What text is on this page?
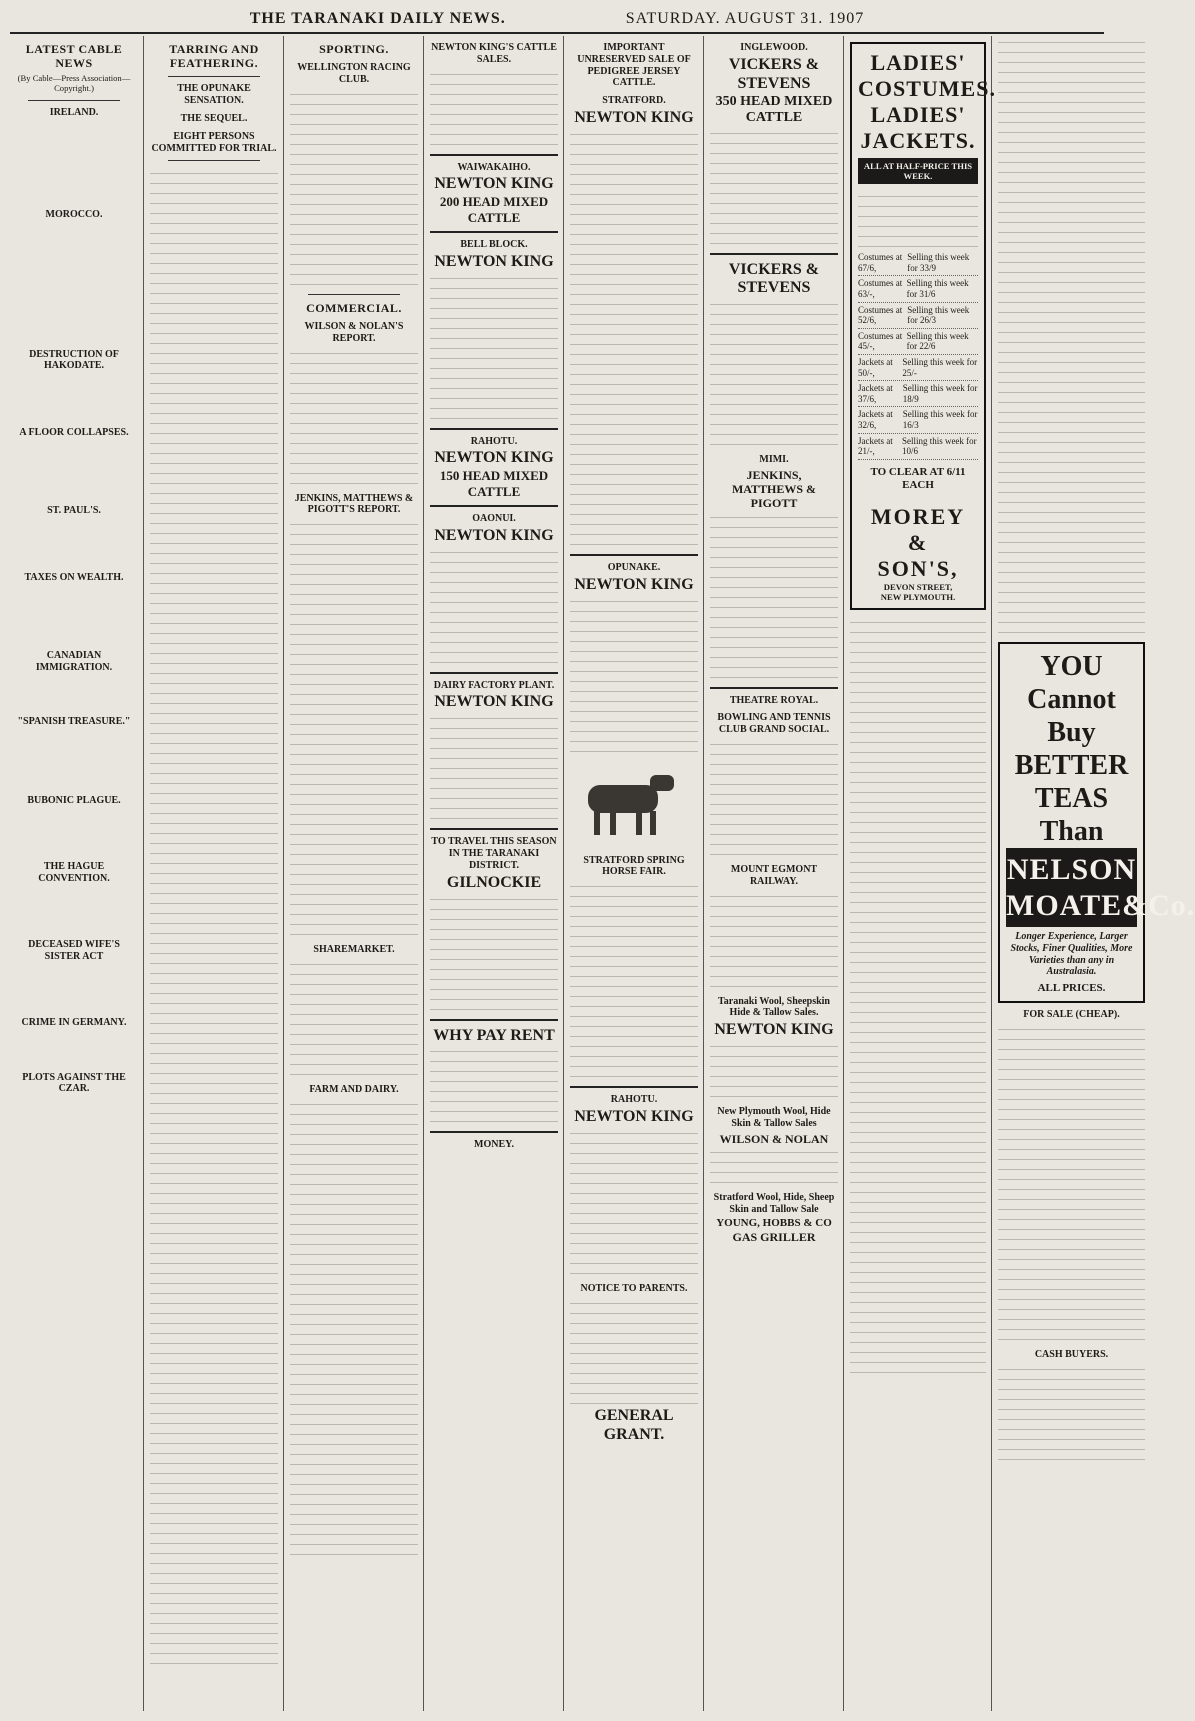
THE TARANAKI DAILY NEWS.	SATURDAY. AUGUST 31. 1907
LATEST CABLE NEWS
(By Cable—Press Association—Copyright.)
IRELAND.

MOROCCO.

DESTRUCTION OF HAKODATE.

A FLOOR COLLAPSES.

ST. PAUL'S.

TAXES ON WEALTH.

CANADIAN IMMIGRATION.

"SPANISH TREASURE."

BUBONIC PLAGUE.

THE HAGUE CONVENTION.

DECEASED WIFE'S SISTER ACT

CRIME IN GERMANY.

PLOTS AGAINST THE CZAR.

TARRING AND FEATHERING.
THE OPUNAKE SENSATION.
THE SEQUEL.
EIGHT PERSONS COMMITTED FOR TRIAL.
SPORTING.
WELLINGTON RACING CLUB.
COMMERCIAL.
WILSON & NOLAN'S REPORT.
JENKINS, MATTHEWS & PIGOTT'S REPORT.
SHAREMARKET.
FARM AND DAIRY.
NEWTON KING'S CATTLE SALES.
WAIWAKAIHO.
NEWTON KING
200 HEAD MIXED CATTLE
BELL BLOCK.
NEWTON KING
RAHOTU.
NEWTON KING
150 HEAD MIXED CATTLE
OAONUI.
NEWTON KING
DAIRY FACTORY PLANT.
NEWTON KING
TO TRAVEL THIS SEASON IN THE TARANAKI DISTRICT.
GILNOCKIE
WHY PAY RENT
MONEY.
IMPORTANT UNRESERVED SALE OF PEDIGREE JERSEY CATTLE.
STRATFORD.
NEWTON KING
OPUNAKE.
NEWTON KING
STRATFORD SPRING HORSE FAIR.
RAHOTU.
NEWTON KING
NOTICE TO PARENTS.
GENERAL GRANT.
INGLEWOOD.
VICKERS & STEVENS
350 HEAD MIXED CATTLE
VICKERS & STEVENS
MIMI.
JENKINS, MATTHEWS & PIGOTT
THEATRE ROYAL.
BOWLING AND TENNIS CLUB GRAND SOCIAL.
MOUNT EGMONT RAILWAY.
Taranaki Wool, Sheepskin Hide & Tallow Sales.
NEWTON KING
New Plymouth Wool, Hide Skin & Tallow Sales
WILSON & NOLAN
Stratford Wool, Hide, Sheep Skin and Tallow Sale
YOUNG, HOBBS & CO
GAS GRILLER
LADIES' COSTUMES. LADIES' JACKETS.
ALL AT HALF-PRICE THIS WEEK.
Costumes at 67/6,
Selling this week for 33/9
Costumes at 63/-,
Selling this week for 31/6
Costumes at 52/6,
Selling this week for 26/3
Costumes at 45/-,
Selling this week for 22/6
Jackets at 50/-,
Selling this week for 25/-
Jackets at 37/6,
Selling this week for 18/9
Jackets at 32/6,
Selling this week for 16/3
Jackets at 21/-,
Selling this week for 10/6
TO CLEAR AT 6/11 EACH
MOREY
&
SON'S,
DEVON STREET,
NEW PLYMOUTH.
YOU
Cannot
Buy
BETTER
TEAS
Than
NELSON MOATE&Co.
Longer Experience, Larger Stocks, Finer Qualities, More Varieties than any in Australasia.
ALL PRICES.
FOR SALE (CHEAP).
CASH BUYERS.
